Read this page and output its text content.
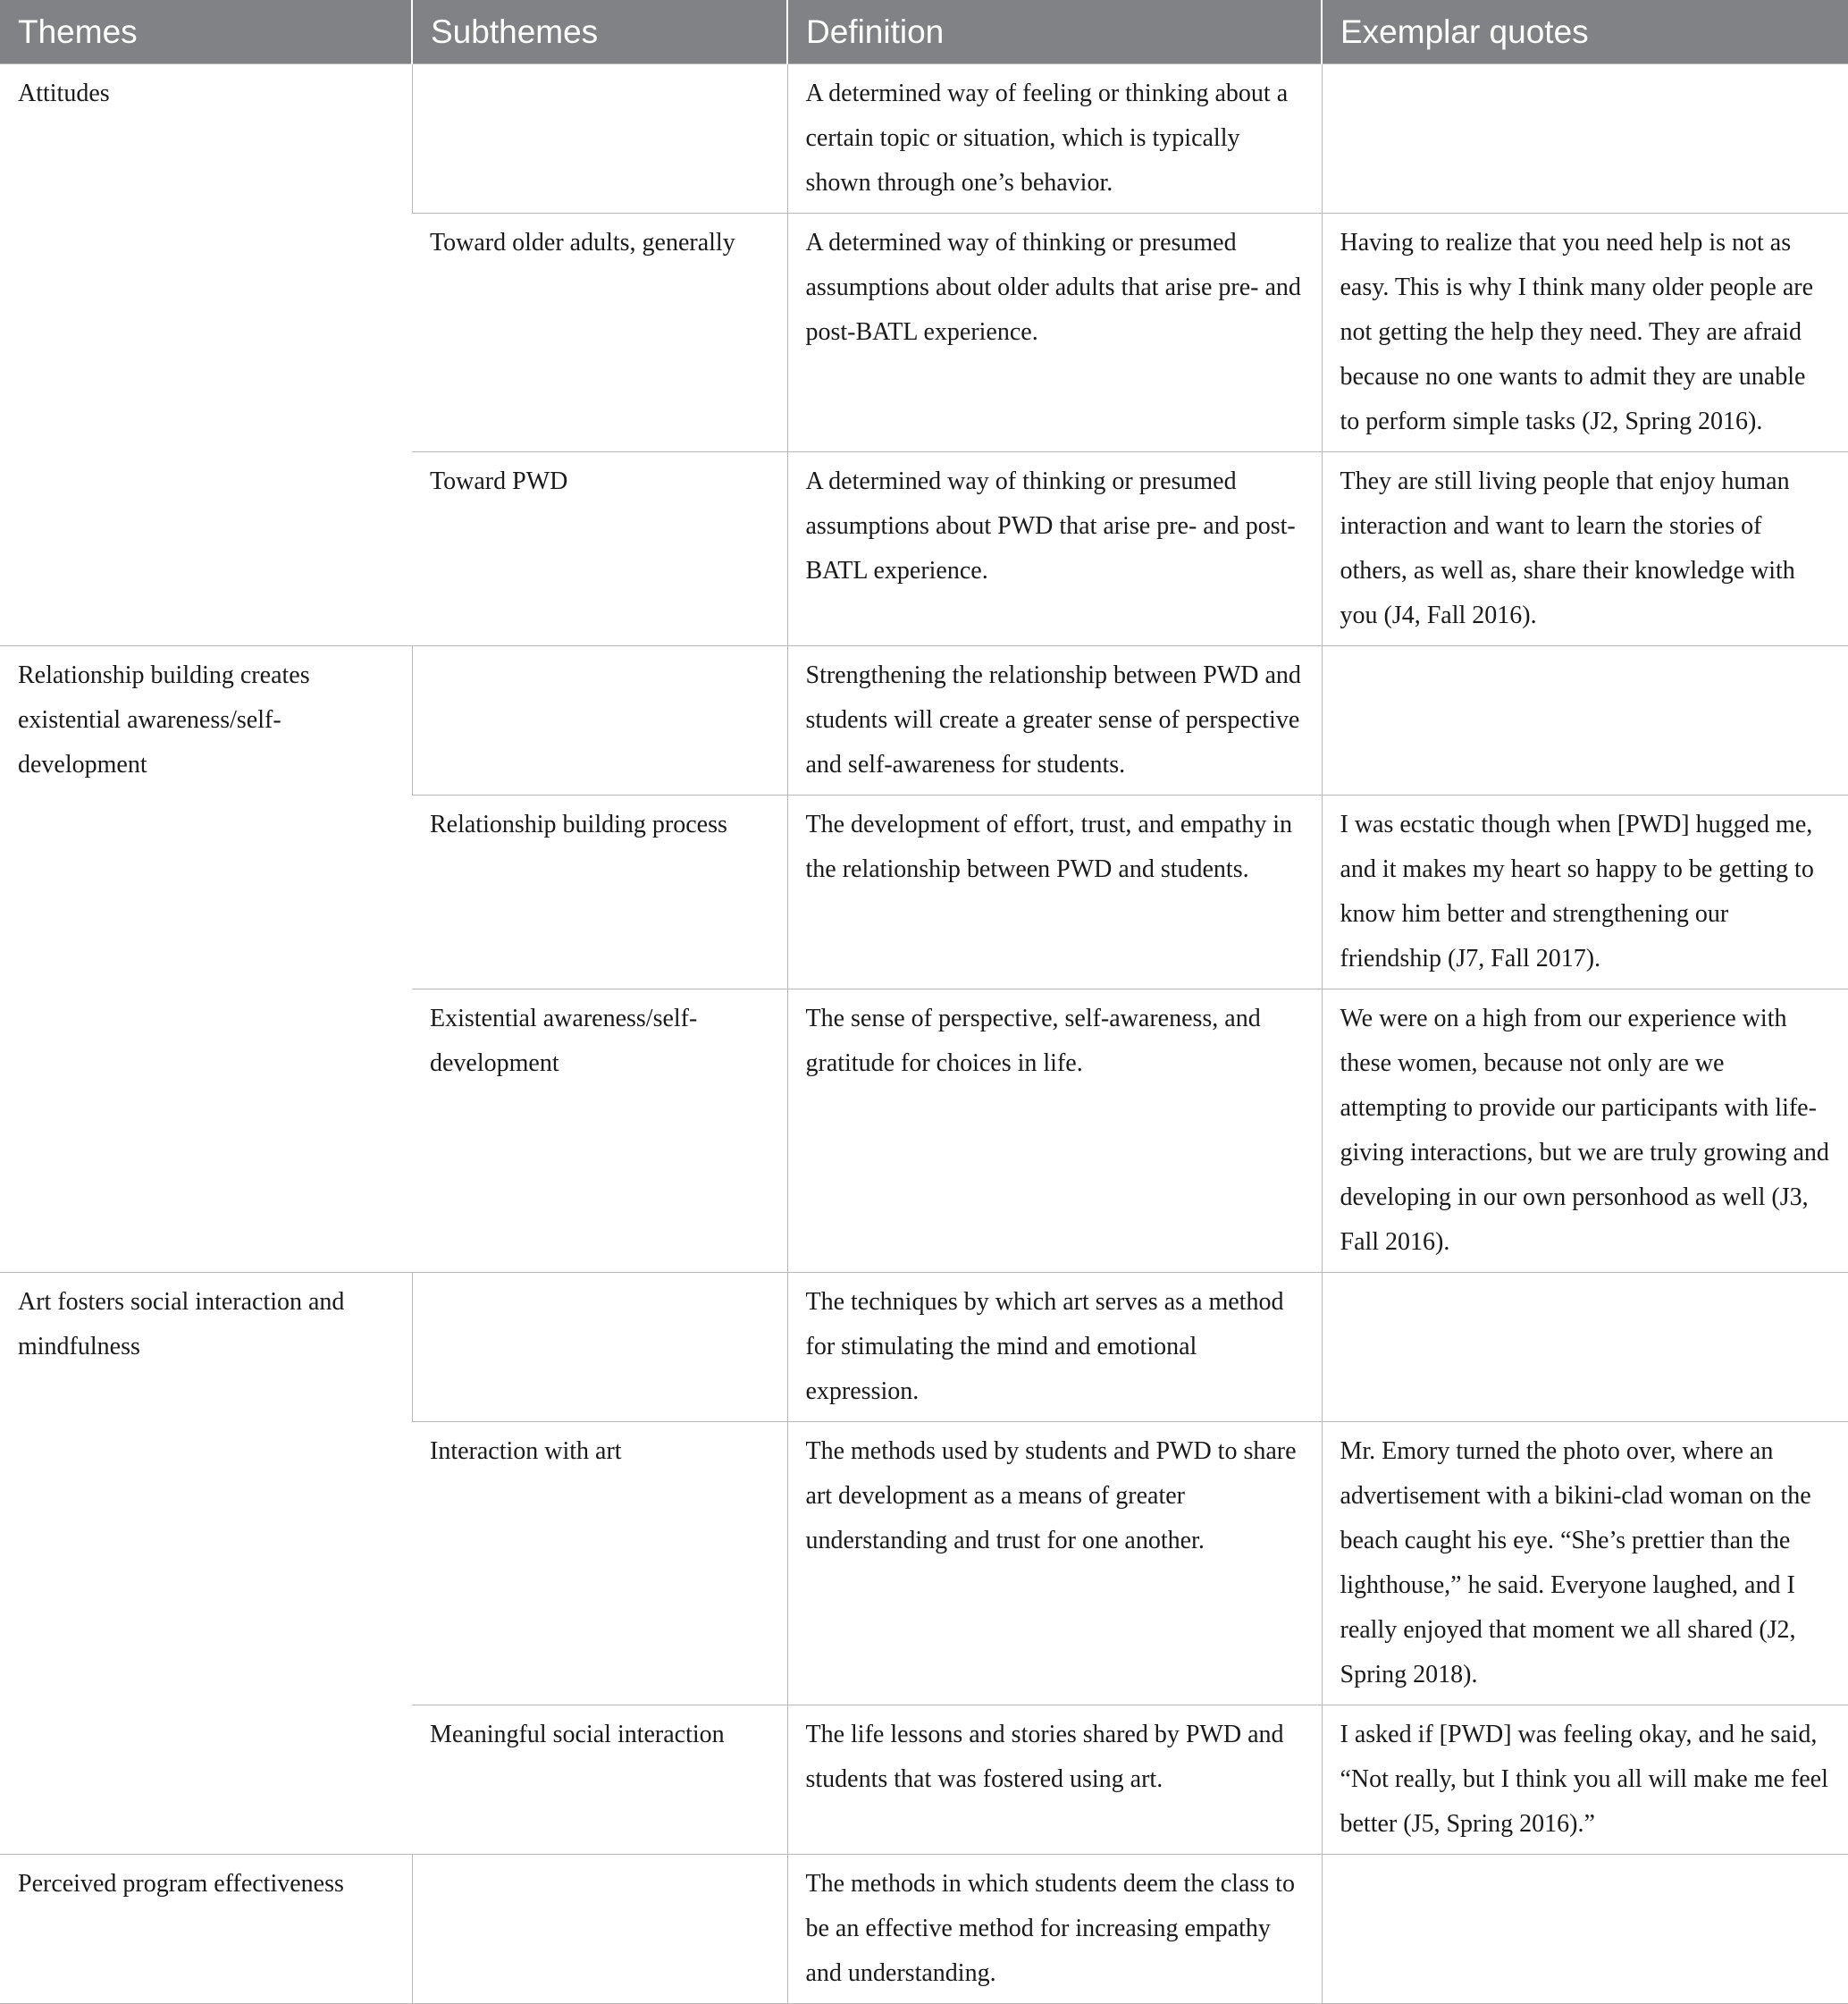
Themes	Subthemes	Definition	Exemplar quotes
Attitudes		A determined way of feeling or thinking about a certain topic or situation, which is typically shown through one’s behavior.	
	Toward older adults, generally	A determined way of thinking or presumed assumptions about older adults that arise pre- and post-BATL experience.	Having to realize that you need help is not as easy. This is why I think many older people are not getting the help they need. They are afraid because no one wants to admit they are unable to perform simple tasks (J2, Spring 2016).
	Toward PWD	A determined way of thinking or presumed assumptions about PWD that arise pre- and post-BATL experience.	They are still living people that enjoy human interaction and want to learn the stories of others, as well as, share their knowledge with you (J4, Fall 2016).
Relationship building creates existential awareness/self-development		Strengthening the relationship between PWD and students will create a greater sense of perspective and self-awareness for students.	
	Relationship building process	The development of effort, trust, and empathy in the relationship between PWD and students.	I was ecstatic though when [PWD] hugged me, and it makes my heart so happy to be getting to know him better and strengthening our friendship (J7, Fall 2017).
	Existential awareness/self-development	The sense of perspective, self-awareness, and gratitude for choices in life.	We were on a high from our experience with these women, because not only are we attempting to provide our participants with life-giving interactions, but we are truly growing and developing in our own personhood as well (J3, Fall 2016).
Art fosters social interaction and mindfulness		The techniques by which art serves as a method for stimulating the mind and emotional expression.	
	Interaction with art	The methods used by students and PWD to share art development as a means of greater understanding and trust for one another.	Mr. Emory turned the photo over, where an advertisement with a bikini-clad woman on the beach caught his eye. “She’s prettier than the lighthouse,” he said. Everyone laughed, and I really enjoyed that moment we all shared (J2, Spring 2018).
	Meaningful social interaction	The life lessons and stories shared by PWD and students that was fostered using art.	I asked if [PWD] was feeling okay, and he said, “Not really, but I think you all will make me feel better (J5, Spring 2016).”
Perceived program effectiveness		The methods in which students deem the class to be an effective method for increasing empathy and understanding.	
